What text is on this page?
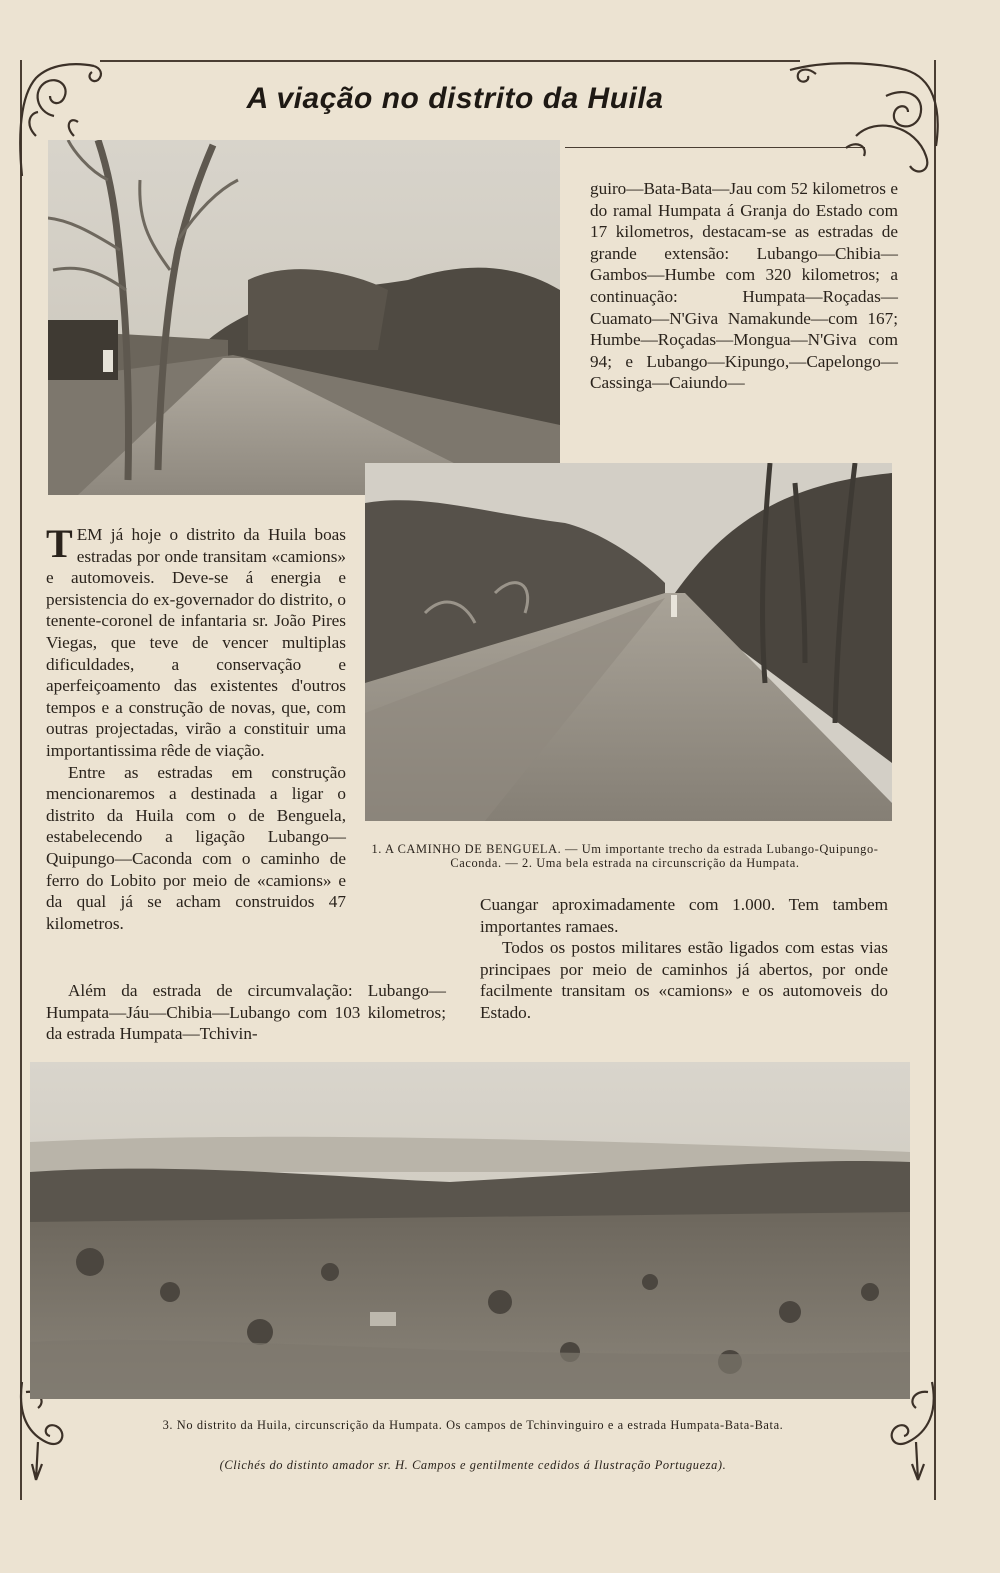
A viação no distrito da Huila

guiro—Bata-Bata—Jau com 52 kilometros e do ramal Humpata á Granja do Estado com 17 kilometros, destacam-se as estradas de grande extensão: Lubango—Chibia—Gambos—Humbe com 320 kilometros; a continuação: Humpata—Roçadas—Cuamato—N'Giva Namakunde—com 167; Humbe—Roçadas—Mongua—N'Giva com 94; e Lubango—Kipungo,—Capelongo—Cassinga—Caiundo—

T EM já hoje o distrito da Huila boas estradas por onde transitam «camions» e automoveis. Deve-se á energia e persistencia do ex-governador do distrito, o tenente-coronel de infantaria sr. João Pires Viegas, que teve de vencer multiplas dificuldades, a conservação e aperfeiçoamento das existentes d'outros tempos e a construção de novas, que, com outras projectadas, virão a constituir uma importantissima rêde de viação.

Entre as estradas em construção mencionaremos a destinada a ligar o distrito da Huila com o de Benguela, estabelecendo a ligação Lubango—Quipungo—Caconda com o caminho de ferro do Lobito por meio de «camions» e da qual já se acham construidos 47 kilometros.

Além da estrada de circumvalação: Lubango—Humpata—Jáu—Chibia—Lubango com 103 kilometros; da estrada Humpata—Tchivin-

1. A CAMINHO DE BENGUELA. — Um importante trecho da estrada Lubango-Quipungo-Caconda. — 2. Uma bela estrada na circunscrição da Humpata.

Cuangar aproximadamente com 1.000. Tem tambem importantes ramaes.

Todos os postos militares estão ligados com estas vias principaes por meio de caminhos já abertos, por onde facilmente transitam os «camions» e os automoveis do Estado.

3. No distrito da Huila, circunscrição da Humpata. Os campos de Tchinvinguiro e a estrada Humpata-Bata-Bata.
(Clichés do distinto amador sr. H. Campos e gentilmente cedidos á Ilustração Portugueza).
